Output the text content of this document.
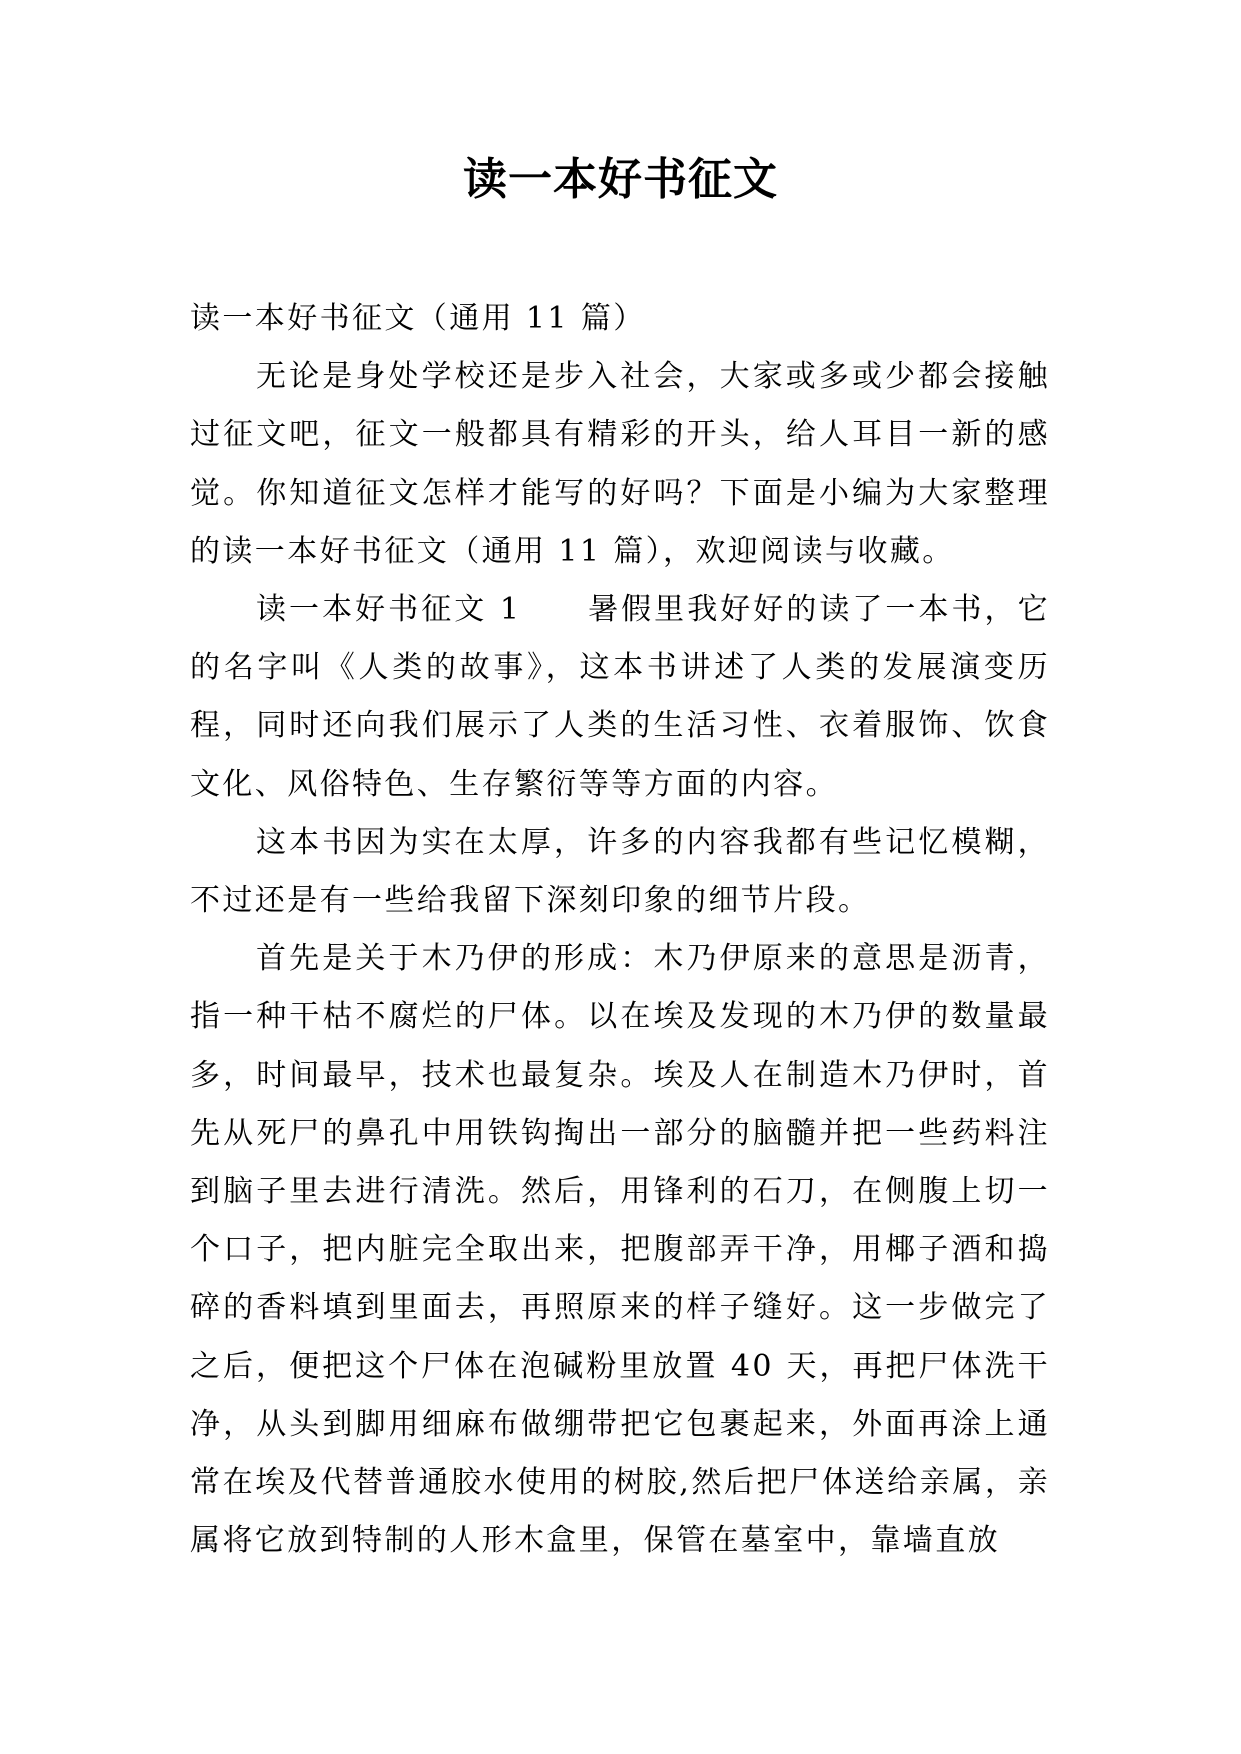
读一本好书征文

读一本好书征文（通用 11 篇）

无论是身处学校还是步入社会，大家或多或少都会接触过征文吧，征文一般都具有精彩的开头，给人耳目一新的感觉。你知道征文怎样才能写的好吗？下面是小编为大家整理的读一本好书征文（通用 11 篇），欢迎阅读与收藏。

读一本好书征文 1　　暑假里我好好的读了一本书，它的名字叫《人类的故事》，这本书讲述了人类的发展演变历程，同时还向我们展示了人类的生活习性、衣着服饰、饮食文化、风俗特色、生存繁衍等等方面的内容。

这本书因为实在太厚，许多的内容我都有些记忆模糊，不过还是有一些给我留下深刻印象的细节片段。

首先是关于木乃伊的形成：木乃伊原来的意思是沥青，指一种干枯不腐烂的尸体。以在埃及发现的木乃伊的数量最多，时间最早，技术也最复杂。埃及人在制造木乃伊时，首先从死尸的鼻孔中用铁钩掏出一部分的脑髓并把一些药料注到脑子里去进行清洗。然后，用锋利的石刀，在侧腹上切一个口子，把内脏完全取出来，把腹部弄干净，用椰子酒和捣碎的香料填到里面去，再照原来的样子缝好。这一步做完了之后，便把这个尸体在泡碱粉里放置 40 天，再把尸体洗干净，从头到脚用细麻布做绷带把它包裹起来，外面再涂上通常在埃及代替普通胶水使用的树胶,然后把尸体送给亲属，亲属将它放到特制的人形木盒里，保管在墓室中，靠墙直放
